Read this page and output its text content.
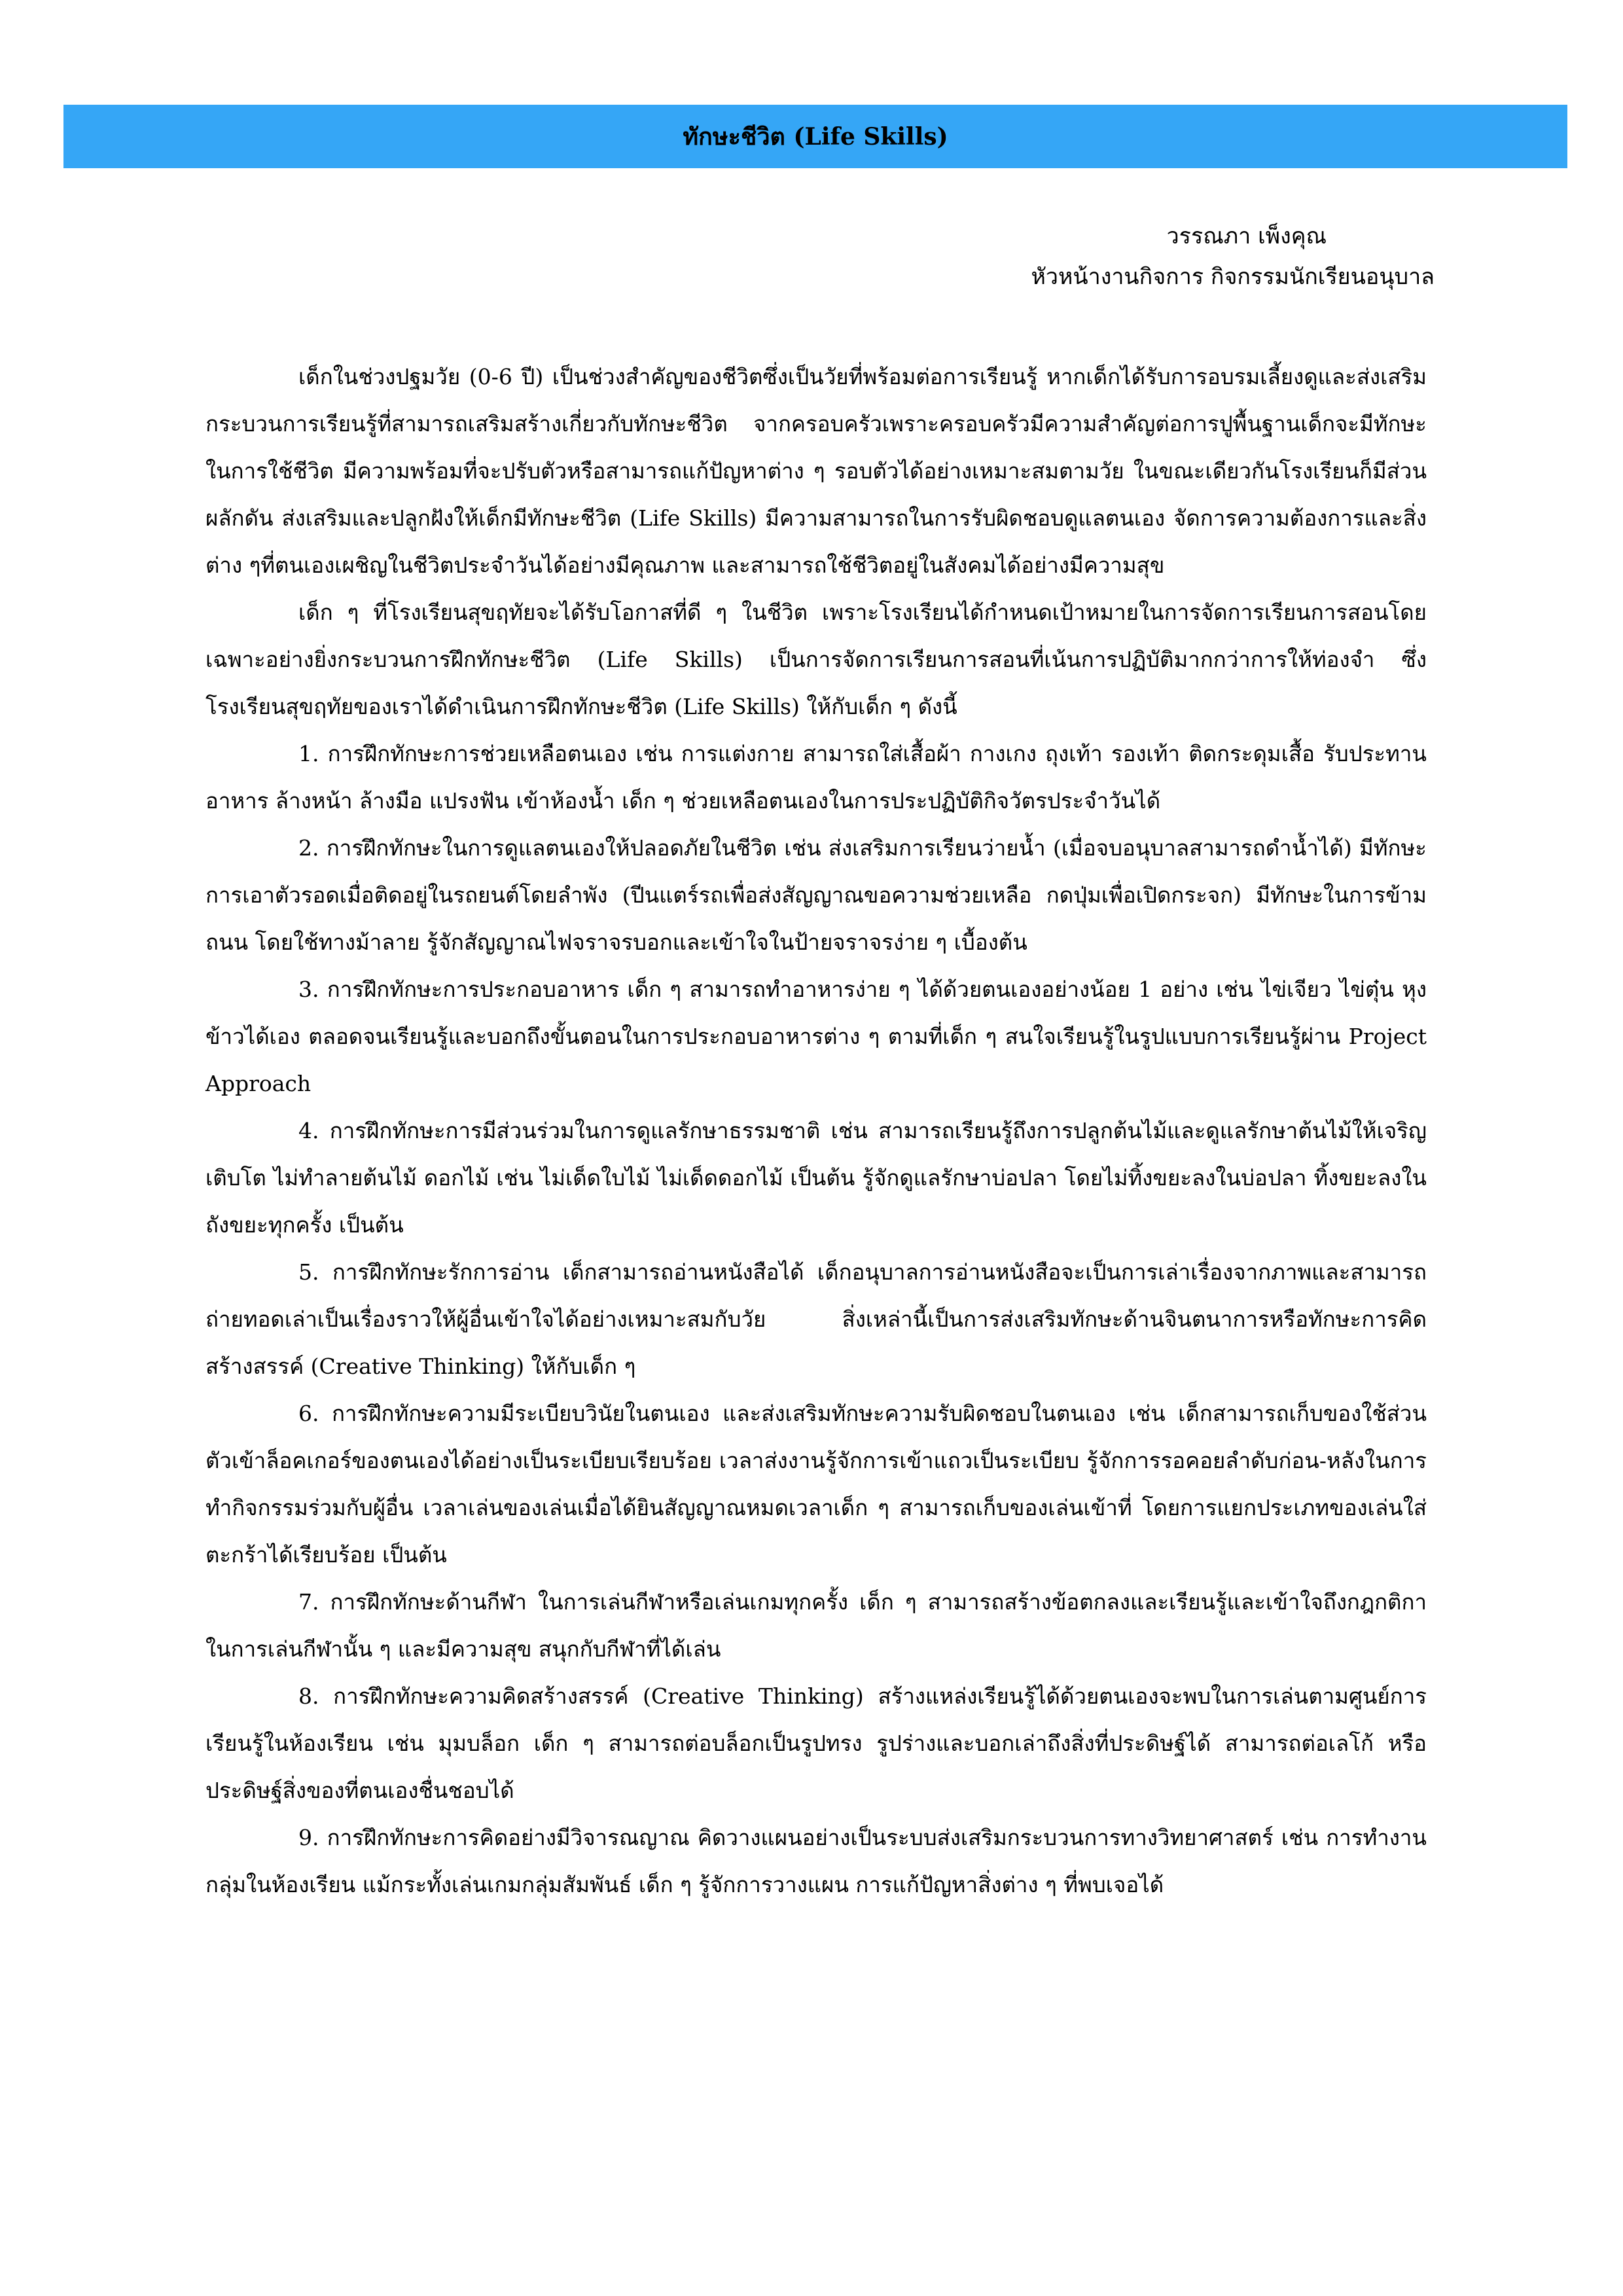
ทักษะชีวิต (Life Skills)
วรรณภา เพ็งคุณ
หัวหน้างานกิจการ กิจกรรมนักเรียนอนุบาล

เด็กในช่วงปฐมวัย (0-6 ปี) เป็นช่วงสำคัญของชีวิตซึ่งเป็นวัยที่พร้อมต่อการเรียนรู้ หากเด็กได้รับการอบรมเลี้ยงดูและส่งเสริมกระบวนการเรียนรู้ที่สามารถเสริมสร้างเกี่ยวกับทักษะชีวิต จากครอบครัวเพราะครอบครัวมีความสำคัญต่อการปูพื้นฐานเด็กจะมีทักษะในการใช้ชีวิต มีความพร้อมที่จะปรับตัวหรือสามารถแก้ปัญหาต่าง ๆ รอบตัวได้อย่างเหมาะสมตามวัย ในขณะเดียวกันโรงเรียนก็มีส่วนผลักดัน ส่งเสริมและปลูกฝังให้เด็กมีทักษะชีวิต (Life Skills) มีความสามารถในการรับผิดชอบดูแลตนเอง จัดการความต้องการและสิ่งต่าง ๆที่ตนเองเผชิญในชีวิตประจำวันได้อย่างมีคุณภาพ และสามารถใช้ชีวิตอยู่ในสังคมได้อย่างมีความสุข

เด็ก ๆ ที่โรงเรียนสุขฤทัยจะได้รับโอกาสที่ดี ๆ ในชีวิต เพราะโรงเรียนได้กำหนดเป้าหมายในการจัดการเรียนการสอนโดยเฉพาะอย่างยิ่งกระบวนการฝึกทักษะชีวิต (Life Skills) เป็นการจัดการเรียนการสอนที่เน้นการปฏิบัติมากกว่าการให้ท่องจำ ซึ่งโรงเรียนสุขฤทัยของเราได้ดำเนินการฝึกทักษะชีวิต (Life Skills) ให้กับเด็ก ๆ ดังนี้

1. การฝึกทักษะการช่วยเหลือตนเอง เช่น การแต่งกาย สามารถใส่เสื้อผ้า กางเกง ถุงเท้า รองเท้า ติดกระดุมเสื้อ รับประทานอาหาร ล้างหน้า ล้างมือ แปรงฟัน เข้าห้องน้ำ เด็ก ๆ ช่วยเหลือตนเองในการประปฏิบัติกิจวัตรประจำวันได้

2. การฝึกทักษะในการดูแลตนเองให้ปลอดภัยในชีวิต เช่น ส่งเสริมการเรียนว่ายน้ำ (เมื่อจบอนุบาลสามารถดำน้ำได้) มีทักษะการเอาตัวรอดเมื่อติดอยู่ในรถยนต์โดยลำพัง (ปีนแตร์รถเพื่อส่งสัญญาณขอความช่วยเหลือ กดปุ่มเพื่อเปิดกระจก) มีทักษะในการข้ามถนน โดยใช้ทางม้าลาย รู้จักสัญญาณไฟจราจรบอกและเข้าใจในป้ายจราจรง่าย ๆ เบื้องต้น

3. การฝึกทักษะการประกอบอาหาร เด็ก ๆ สามารถทำอาหารง่าย ๆ ได้ด้วยตนเองอย่างน้อย 1 อย่าง เช่น ไข่เจียว ไข่ตุ๋น หุงข้าวได้เอง ตลอดจนเรียนรู้และบอกถึงขั้นตอนในการประกอบอาหารต่าง ๆ ตามที่เด็ก ๆ สนใจเรียนรู้ในรูปแบบการเรียนรู้ผ่าน Project Approach

4. การฝึกทักษะการมีส่วนร่วมในการดูแลรักษาธรรมชาติ เช่น สามารถเรียนรู้ถึงการปลูกต้นไม้และดูแลรักษาต้นไม้ให้เจริญเติบโต ไม่ทำลายต้นไม้ ดอกไม้ เช่น ไม่เด็ดใบไม้ ไม่เด็ดดอกไม้ เป็นต้น รู้จักดูแลรักษาบ่อปลา โดยไม่ทิ้งขยะลงในบ่อปลา ทิ้งขยะลงในถังขยะทุกครั้ง เป็นต้น

5. การฝึกทักษะรักการอ่าน เด็กสามารถอ่านหนังสือได้ เด็กอนุบาลการอ่านหนังสือจะเป็นการเล่าเรื่องจากภาพและสามารถถ่ายทอดเล่าเป็นเรื่องราวให้ผู้อื่นเข้าใจได้อย่างเหมาะสมกับวัย สิ่งเหล่านี้เป็นการส่งเสริมทักษะด้านจินตนาการหรือทักษะการคิดสร้างสรรค์ (Creative Thinking) ให้กับเด็ก ๆ

6. การฝึกทักษะความมีระเบียบวินัยในตนเอง และส่งเสริมทักษะความรับผิดชอบในตนเอง เช่น เด็กสามารถเก็บของใช้ส่วนตัวเข้าล็อคเกอร์ของตนเองได้อย่างเป็นระเบียบเรียบร้อย เวลาส่งงานรู้จักการเข้าแถวเป็นระเบียบ รู้จักการรอคอยลำดับก่อน-หลังในการทำกิจกรรมร่วมกับผู้อื่น เวลาเล่นของเล่นเมื่อได้ยินสัญญาณหมดเวลาเด็ก ๆ สามารถเก็บของเล่นเข้าที่ โดยการแยกประเภทของเล่นใส่ตะกร้าได้เรียบร้อย เป็นต้น

7. การฝึกทักษะด้านกีฬา ในการเล่นกีฬาหรือเล่นเกมทุกครั้ง เด็ก ๆ สามารถสร้างข้อตกลงและเรียนรู้และเข้าใจถึงกฎกติกาในการเล่นกีฬานั้น ๆ และมีความสุข สนุกกับกีฬาที่ได้เล่น

8. การฝึกทักษะความคิดสร้างสรรค์ (Creative Thinking) สร้างแหล่งเรียนรู้ได้ด้วยตนเองจะพบในการเล่นตามศูนย์การเรียนรู้ในห้องเรียน เช่น มุมบล็อก เด็ก ๆ สามารถต่อบล็อกเป็นรูปทรง รูปร่างและบอกเล่าถึงสิ่งที่ประดิษฐ์ได้ สามารถต่อเลโก้ หรือประดิษฐ์สิ่งของที่ตนเองชื่นชอบได้

9. การฝึกทักษะการคิดอย่างมีวิจารณญาณ คิดวางแผนอย่างเป็นระบบส่งเสริมกระบวนการทางวิทยาศาสตร์ เช่น การทำงานกลุ่มในห้องเรียน แม้กระทั้งเล่นเกมกลุ่มสัมพันธ์ เด็ก ๆ รู้จักการวางแผน การแก้ปัญหาสิ่งต่าง ๆ ที่พบเจอได้
